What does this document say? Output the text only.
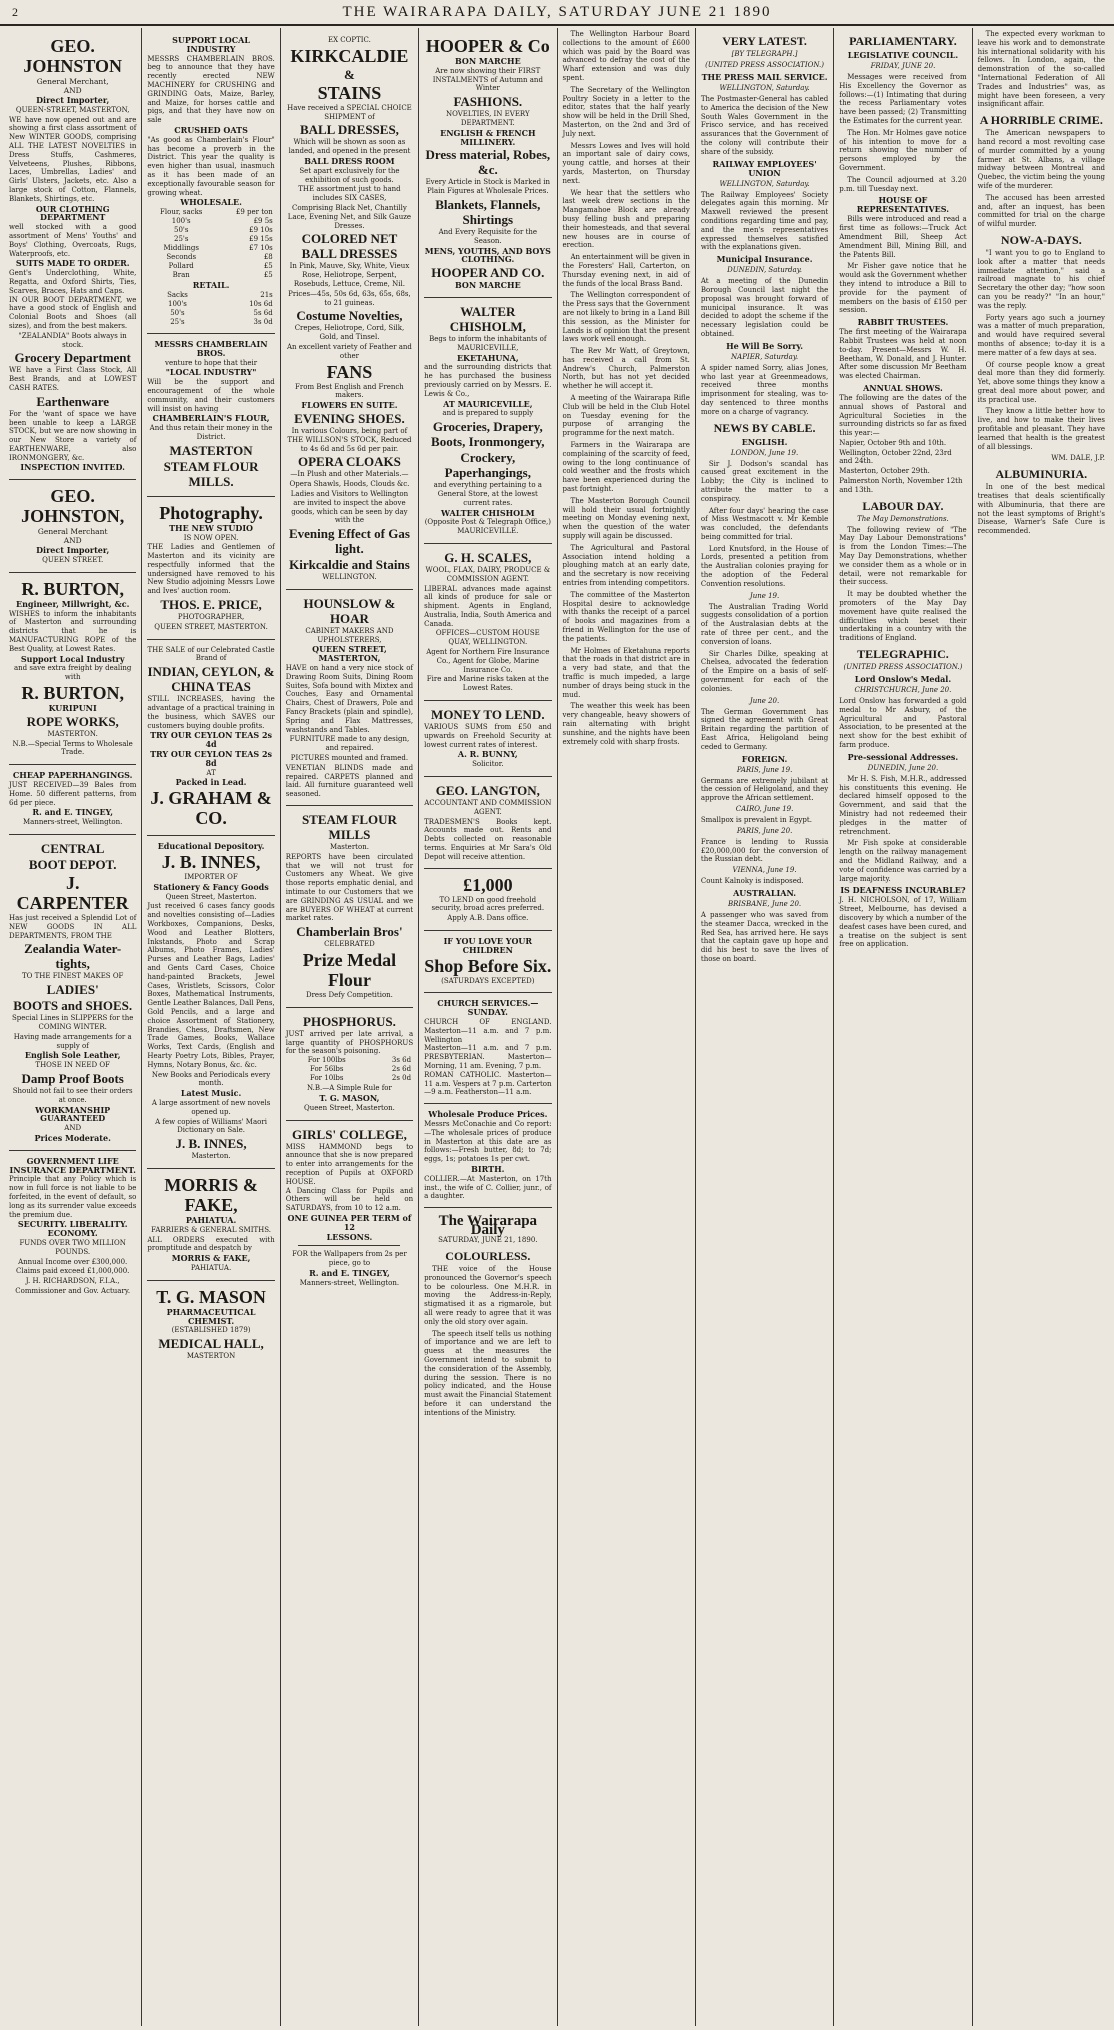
2	THE WAIRARAPA DAILY, SATURDAY JUNE 21 1890
GEO. JOHNSTON
General Merchant,
AND
Direct Importer,
QUEEN-STREET, MASTERTON,
WE have now opened out and are showing a first class assortment of New WINTER GOODS, comprising ALL THE LATEST NOVELTIES in Dress Stuffs, Cashmeres, Velveteens, Plushes, Ribbons, Laces, Umbrellas, Ladies' and Girls' Ulsters, Jackets, etc. Also a large stock of Cotton, Flannels, Blankets, Shirtings, etc.
OUR CLOTHING DEPARTMENT
well stocked with a good assortment of Mens' Youths' and Boys' Clothing, Overcoats, Rugs, Waterproofs, etc.
SUITS MADE TO ORDER.
Gent's Underclothing, White, Regatta, and Oxford Shirts, Ties, Scarves, Braces, Hats and Caps.
IN OUR BOOT DEPARTMENT, we have a good stock of English and Colonial Boots and Shoes (all sizes), and from the best makers.
"ZEALANDIA" Boots always in stock.
Grocery Department
WE have a First Class Stock, All Best Brands, and at LOWEST CASH RATES.
Earthenware
For the 'want of space we have been unable to keep a LARGE STOCK, but we are now showing in our New Store a variety of EARTHENWARE, also IRONMONGERY, &c.
INSPECTION INVITED.
GEO. JOHNSTON,
General Merchant
AND
Direct Importer,
QUEEN STREET.
R. BURTON,
Engineer, Millwright, &c.
WISHES to inform the inhabitants of Masterton and surrounding districts that he is MANUFACTURING ROPE of the Best Quality, at Lowest Rates.
Support Local Industry
and save extra freight by dealing with
R. BURTON,
KURIPUNI
ROPE WORKS,
MASTERTON.
N.B.—Special Terms to Wholesale Trade.
CHEAP PAPERHANGINGS.
JUST RECEIVED—39 Bales from Home. 50 different patterns, from 6d per piece.
R. and E. TINGEY,
Manners-street, Wellington.
CENTRAL
BOOT DEPOT.
J. CARPENTER
Has just received a Splendid Lot of NEW GOODS IN ALL DEPARTMENTS, FROM THE
Zealandia Water-tights,
TO THE FINEST MAKES OF
LADIES'
BOOTS and SHOES.
Special Lines in SLIPPERS for the COMING WINTER.
Having made arrangements for a supply of
English Sole Leather,
THOSE IN NEED OF
Damp Proof Boots
Should not fail to see their orders at once.
WORKMANSHIP GUARANTEED
AND
Prices Moderate.
GOVERNMENT LIFE INSURANCE DEPARTMENT.
Principle that any Policy which is now in full force is not liable to be forfeited, in the event of default, so long as its surrender value exceeds the premium due.
SECURITY. LIBERALITY. ECONOMY.
FUNDS OVER TWO MILLION POUNDS.
Annual Income over £300,000.
Claims paid exceed £1,000,000.
J. H. RICHARDSON, F.I.A.,
Commissioner and Gov. Actuary.
SUPPORT LOCAL INDUSTRY
MESSRS CHAMBERLAIN BROS. beg to announce that they have recently erected NEW MACHINERY for CRUSHING and GRINDING Oats, Maize, Barley, and Maize, for horses cattle and pigs, and that they have now on sale
CRUSHED OATS
"As good as Chamberlain's Flour" has become a proverb in the District. This year the quality is even higher than usual, inasmuch as it has been made of an exceptionally favourable season for growing wheat.
WHOLESALE.
Flour, sacks	£9 per ton
100's	£9 5s
50's	£9 10s
25's	£9 15s
Middlings	£7 10s
Seconds	£8
Pollard	£5
Bran	£5
RETAIL.
Sacks	21s
100's	10s 6d
50's	5s 6d
25's	3s 0d
MESSRS CHAMBERLAIN BROS.
venture to hope that their
"LOCAL INDUSTRY"
Will be the support and encouragement of the whole community, and their customers will insist on having
CHAMBERLAIN'S FLOUR,
And thus retain their money in the District.
MASTERTON
STEAM FLOUR MILLS.
Photography.
THE NEW STUDIO
IS NOW OPEN.
THE Ladies and Gentlemen of Masterton and its vicinity are respectfully informed that the undersigned have removed to his New Studio adjoining Messrs Lowe and Ives' auction room.
THOS. E. PRICE,
PHOTOGRAPHER,
QUEEN STREET, MASTERTON.
THE SALE of our Celebrated Castle Brand of
INDIAN, CEYLON, & CHINA TEAS
STILL INCREASES, having the advantage of a practical training in the business, which SAVES our customers buying double profits.
TRY OUR CEYLON TEAS 2s 4d
TRY OUR CEYLON TEAS 2s 8d
AT
Packed in Lead.
J. GRAHAM & CO.
Educational Depository.
J. B. INNES,
IMPORTER OF
Stationery & Fancy Goods
Queen Street, Masterton.
Just received 6 cases fancy goods and novelties consisting of—Ladies Workboxes, Companions, Desks, Wood and Leather Blotters, Inkstands, Photo and Scrap Albums, Photo Frames, Ladies' Purses and Leather Bags, Ladies' and Gents Card Cases, Choice hand-painted Brackets, Jewel Cases, Wristlets, Scissors, Color Boxes, Mathematical Instruments, Gentle Leather Balances, Dall Pens, Gold Pencils, and a large and choice Assortment of Stationery, Brandies, Chess, Draftsmen, New Trade Games, Books, Wallace Works, Text Cards, (English and Hearty Poetry Lots, Bibles, Prayer, Hymns, Notary Bonus, &c. &c.
New Books and Periodicals every month.
Latest Music.
A large assortment of new novels opened up.
A few copies of Williams' Maori Dictionary on Sale.
J. B. INNES,
Masterton.
MORRIS & FAKE,
PAHIATUA.
FARRIERS & GENERAL SMITHS.
ALL ORDERS executed with promptitude and despatch by
MORRIS & FAKE,
PAHIATUA.
T. G. MASON
PHARMACEUTICAL CHEMIST.
(ESTABLISHED 1879)
MEDICAL HALL,
MASTERTON
EX COPTIC.
KIRKCALDIE
&
STAINS
Have received a SPECIAL CHOICE SHIPMENT of
BALL DRESSES,
Which will be shown as soon as landed, and opened in the present
BALL DRESS ROOM
Set apart exclusively for the exhibition of such goods.
THE assortment just to hand includes SIX CASES,
Comprising Black Net, Chantilly Lace, Evening Net, and Silk Gauze Dresses.
COLORED NET BALL DRESSES
In Pink, Mauve, Sky, White, Vieux Rose, Heliotrope, Serpent, Rosebuds, Lettuce, Creme, Nil.
Prices—45s, 50s 6d, 63s, 65s, 68s, to 21 guineas.
Costume Novelties,
Crepes, Heliotrope, Cord, Silk, Gold, and Tinsel.
An excellent variety of Feather and other
FANS
From Best English and French makers.
FLOWERS EN SUITE.
EVENING SHOES.
In various Colours, being part of THE WILLSON'S STOCK, Reduced to 4s 6d and 5s 6d per pair.
OPERA CLOAKS
—In Plush and other Materials.—
Opera Shawls, Hoods, Clouds &c.
Ladies and Visitors to Wellington are invited to inspect the above goods, which can be seen by day with the
Evening Effect of Gas light.
Kirkcaldie and Stains
WELLINGTON.
HOUNSLOW & HOAR
CABINET MAKERS AND UPHOLSTERERS,
QUEEN STREET, MASTERTON,
HAVE on hand a very nice stock of Drawing Room Suits, Dining Room Suites, Sofa bound with Mixtex and Couches, Easy and Ornamental Chairs, Chest of Drawers, Pole and Fancy Brackets (plain and spindle), Spring and Flax Mattresses, washstands and Tables.
FURNITURE made to any design, and repaired.
PICTURES mounted and framed.
VENETIAN BLINDS made and repaired. CARPETS planned and laid. All furniture guaranteed well seasoned.
STEAM FLOUR MILLS
Masterton.
REPORTS have been circulated that we will not trust for Customers any Wheat. We give those reports emphatic denial, and intimate to our Customers that we are GRINDING AS USUAL and we are BUYERS OF WHEAT at current market rates.
Chamberlain Bros'
CELEBRATED
Prize Medal Flour
Dress Defy Competition.
PHOSPHORUS.
JUST arrived per late arrival, a large quantity of PHOSPHORUS for the season's poisoning.
For 100lbs	3s 6d
For 56lbs	2s 6d
For 10lbs	2s 0d
N.B.—A Simple Rule for
T. G. MASON,
Queen Street, Masterton.
GIRLS' COLLEGE,
MISS HAMMOND begs to announce that she is now prepared to enter into arrangements for the reception of Pupils at OXFORD HOUSE.
A Dancing Class for Pupils and Others will be held on SATURDAYS, from 10 to 12 a.m.
ONE GUINEA PER TERM of 12
LESSONS.
FOR the Wallpapers from 2s per piece, go to
R. and E. TINGEY,
Manners-street, Wellington.
HOOPER & Co
BON MARCHE
Are now showing their FIRST INSTALMENTS of Autumn and Winter
FASHIONS.
NOVELTIES, IN EVERY DEPARTMENT.
ENGLISH & FRENCH MILLINERY.
Dress material, Robes, &c.
Every Article in Stock is Marked in Plain Figures at Wholesale Prices.
Blankets, Flannels, Shirtings
And Every Requisite for the Season.
MENS, YOUTHS, AND BOYS CLOTHING.
HOOPER AND CO.
BON MARCHE
WALTER CHISHOLM,
Begs to inform the inhabitants of MAURICEVILLE,
EKETAHUNA,
and the surrounding districts that he has purchased the business previously carried on by Messrs. E. Lewis & Co.,
AT MAURICEVILLE,
and is prepared to supply
Groceries, Drapery, Boots, Ironmongery,
Crockery, Paperhangings,
and everything pertaining to a General Store, at the lowest current rates.
WALTER CHISHOLM
(Opposite Post & Telegraph Office,) MAURICEVILLE.
G. H. SCALES,
WOOL, FLAX, DAIRY, PRODUCE & COMMISSION AGENT.
LIBERAL advances made against all kinds of produce for sale or shipment. Agents in England, Australia, India, South America and Canada.
OFFICES—CUSTOM HOUSE QUAY, WELLINGTON.
Agent for Northern Fire Insurance Co., Agent for Globe, Marine Insurance Co.
Fire and Marine risks taken at the Lowest Rates.
MONEY TO LEND.
VARIOUS SUMS from £50 and upwards on Freehold Security at lowest current rates of interest.
A. R. BUNNY,
Solicitor.
GEO. LANGTON,
ACCOUNTANT AND COMMISSION AGENT.
TRADESMEN'S Books kept. Accounts made out. Rents and Debts collected on reasonable terms. Enquiries at Mr Sara's Old Depot will receive attention.
£1,000
TO LEND on good freehold security, broad acres preferred.
Apply A.B. Dans office.
IF YOU LOVE YOUR CHILDREN
Shop Before Six.
(SATURDAYS EXCEPTED)
CHURCH SERVICES.—SUNDAY.
CHURCH OF ENGLAND. Masterton—11 a.m. and 7 p.m. Wellington
Masterton—11 a.m. and 7 p.m. PRESBYTERIAN. Masterton—Morning, 11 am. Evening, 7 p.m.
ROMAN CATHOLIC. Masterton—11 a.m. Vespers at 7 p.m. Carterton—9 a.m. Featherston—11 a.m.
Wholesale Produce Prices.
Messrs McConachie and Co report:—The wholesale prices of produce in Masterton at this date are as follows:—Fresh butter, 8d; to 7d; eggs, 1s; potatoes 1s per cwt.
BIRTH.
COLLIER.—At Masterton, on 17th inst., the wife of C. Collier, junr., of a daughter.
The Wairarapa Daily
SATURDAY, JUNE 21, 1890.
COLOURLESS.

THE voice of the House pronounced the Governor's speech to be colourless. One M.H.R. in moving the Address-in-Reply, stigmatised it as a rigmarole, but all were ready to agree that it was only the old story over again.

The speech itself tells us nothing of importance and we are left to guess at the measures the Government intend to submit to the consideration of the Assembly, during the session. There is no policy indicated, and the House must await the Financial Statement before it can understand the intentions of the Ministry.

The Wellington Harbour Board collections to the amount of £600 which was paid by the Board was advanced to defray the cost of the Wharf extension and was duly spent.

The Secretary of the Wellington Poultry Society in a letter to the editor, states that the half yearly show will be held in the Drill Shed, Masterton, on the 2nd and 3rd of July next.

Messrs Lowes and Ives will hold an important sale of dairy cows, young cattle, and horses at their yards, Masterton, on Thursday next.

We hear that the settlers who last week drew sections in the Mangamahoe Block are already busy felling bush and preparing their homesteads, and that several new houses are in course of erection.

An entertainment will be given in the Foresters' Hall, Carterton, on Thursday evening next, in aid of the funds of the local Brass Band.

The Wellington correspondent of the Press says that the Government are not likely to bring in a Land Bill this session, as the Minister for Lands is of opinion that the present laws work well enough.

The Rev Mr Watt, of Greytown, has received a call from St. Andrew's Church, Palmerston North, but has not yet decided whether he will accept it.

A meeting of the Wairarapa Rifle Club will be held in the Club Hotel on Tuesday evening for the purpose of arranging the programme for the next match.

Farmers in the Wairarapa are complaining of the scarcity of feed, owing to the long continuance of cold weather and the frosts which have been experienced during the past fortnight.

The Masterton Borough Council will hold their usual fortnightly meeting on Monday evening next, when the question of the water supply will again be discussed.

The Agricultural and Pastoral Association intend holding a ploughing match at an early date, and the secretary is now receiving entries from intending competitors.

The committee of the Masterton Hospital desire to acknowledge with thanks the receipt of a parcel of books and magazines from a friend in Wellington for the use of the patients.

Mr Holmes of Eketahuna reports that the roads in that district are in a very bad state, and that the traffic is much impeded, a large number of drays being stuck in the mud.

The weather this week has been very changeable, heavy showers of rain alternating with bright sunshine, and the nights have been extremely cold with sharp frosts.

VERY LATEST.
[BY TELEGRAPH.]
(UNITED PRESS ASSOCIATION.)
THE PRESS MAIL SERVICE.
WELLINGTON, Saturday.
The Postmaster-General has cabled to America the decision of the New South Wales Government in the Frisco service, and has received assurances that the Government of the colony will contribute their share of the subsidy.
RAILWAY EMPLOYEES' UNION
WELLINGTON, Saturday.
The Railway Employees' Society delegates again this morning. Mr Maxwell reviewed the present conditions regarding time and pay, and the men's representatives expressed themselves satisfied with the explanations given.
Municipal Insurance.
DUNEDIN, Saturday.
At a meeting of the Dunedin Borough Council last night the proposal was brought forward of municipal insurance. It was decided to adopt the scheme if the necessary legislation could be obtained.
He Will Be Sorry.
NAPIER, Saturday.
A spider named Sorry, alias Jones, who last year at Greenmeadows, received three months imprisonment for stealing, was to-day sentenced to three months more on a charge of vagrancy.
NEWS BY CABLE.
ENGLISH.
LONDON, June 19.

Sir J. Dodson's scandal has caused great excitement in the Lobby; the City is inclined to attribute the matter to a conspiracy.

After four days' hearing the case of Miss Westmacott v. Mr Kemble was concluded, the defendants being committed for trial.

Lord Knutsford, in the House of Lords, presented a petition from the Australian colonies praying for the adoption of the Federal Convention resolutions.

June 19.

The Australian Trading World suggests consolidation of a portion of the Australasian debts at the rate of three per cent., and the conversion of loans.

Sir Charles Dilke, speaking at Chelsea, advocated the federation of the Empire on a basis of self-government for each of the colonies.

June 20.
The German Government has signed the agreement with Great Britain regarding the partition of East Africa, Heligoland being ceded to Germany.
FOREIGN.
PARIS, June 19.
Germans are extremely jubilant at the cession of Heligoland, and they approve the African settlement.
CAIRO, June 19.
Smallpox is prevalent in Egypt.
PARIS, June 20.
France is lending to Russia £20,000,000 for the conversion of the Russian debt.
VIENNA, June 19.
Count Kalnoky is indisposed.
AUSTRALIAN.
BRISBANE, June 20.
A passenger who was saved from the steamer Dacca, wrecked in the Red Sea, has arrived here. He says that the captain gave up hope and did his best to save the lives of those on board.
PARLIAMENTARY.
LEGISLATIVE COUNCIL.
FRIDAY, JUNE 20.

Messages were received from His Excellency the Governor as follows:—(1) Intimating that during the recess Parliamentary votes have been passed; (2) Transmitting the Estimates for the current year.

The Hon. Mr Holmes gave notice of his intention to move for a return showing the number of persons employed by the Government.

The Council adjourned at 3.20 p.m. till Tuesday next.

HOUSE OF REPRESENTATIVES.

Bills were introduced and read a first time as follows:—Truck Act Amendment Bill, Sheep Act Amendment Bill, Mining Bill, and the Patents Bill.

Mr Fisher gave notice that he would ask the Government whether they intend to introduce a Bill to provide for the payment of members on the basis of £150 per session.

RABBIT TRUSTEES.
The first meeting of the Wairarapa Rabbit Trustees was held at noon to-day. Present—Messrs W. H. Beetham, W. Donald, and J. Hunter. After some discussion Mr Beetham was elected Chairman.
ANNUAL SHOWS.
The following are the dates of the annual shows of Pastoral and Agricultural Societies in the surrounding districts so far as fixed this year:—
Napier, October 9th and 10th.
Wellington, October 22nd, 23rd and 24th.
Masterton, October 29th.
Palmerston North, November 12th and 13th.
LABOUR DAY.
The May Demonstrations.

The following review of "The May Day Labour Demonstrations" is from the London Times:—The May Day Demonstrations, whether we consider them as a whole or in detail, were not remarkable for their success.

It may be doubted whether the promoters of the May Day movement have quite realised the difficulties which beset their undertaking in a country with the traditions of England.

TELEGRAPHIC.
(UNITED PRESS ASSOCIATION.)
Lord Onslow's Medal.
CHRISTCHURCH, June 20.
Lord Onslow has forwarded a gold medal to Mr Asbury, of the Agricultural and Pastoral Association, to be presented at the next show for the best exhibit of farm produce.
Pre-sessional Addresses.
DUNEDIN, June 20.

Mr H. S. Fish, M.H.R., addressed his constituents this evening. He declared himself opposed to the Government, and said that the Ministry had not redeemed their pledges in the matter of retrenchment.

Mr Fish spoke at considerable length on the railway management and the Midland Railway, and a vote of confidence was carried by a large majority.

IS DEAFNESS INCURABLE?
J. H. NICHOLSON, of 17, William Street, Melbourne, has devised a discovery by which a number of the deafest cases have been cured, and a treatise on the subject is sent free on application.

The expected every workman to leave his work and to demonstrate his international solidarity with his fellows. In London, again, the demonstration of the so-called "International Federation of All Trades and Industries" was, as might have been foreseen, a very insignificant affair.

A HORRIBLE CRIME.

The American newspapers to hand record a most revolting case of murder committed by a young farmer at St. Albans, a village midway between Montreal and Quebec, the victim being the young wife of the murderer.

The accused has been arrested and, after an inquest, has been committed for trial on the charge of wilful murder.

NOW-A-DAYS.

"I want you to go to England to look after a matter that needs immediate attention," said a railroad magnate to his chief Secretary the other day; "how soon can you be ready?" "In an hour," was the reply.

Forty years ago such a journey was a matter of much preparation, and would have required several months of absence; to-day it is a mere matter of a few days at sea.

Of course people know a great deal more than they did formerly. Yet, above some things they know a great deal more about power, and its practical use.

They know a little better how to live, and how to make their lives profitable and pleasant. They have learned that health is the greatest of all blessings.

WM. DALE, J.P.
ALBUMINURIA.

In one of the best medical treatises that deals scientifically with Albuminuria, that there are not the least symptoms of Bright's Disease, Warner's Safe Cure is recommended.
